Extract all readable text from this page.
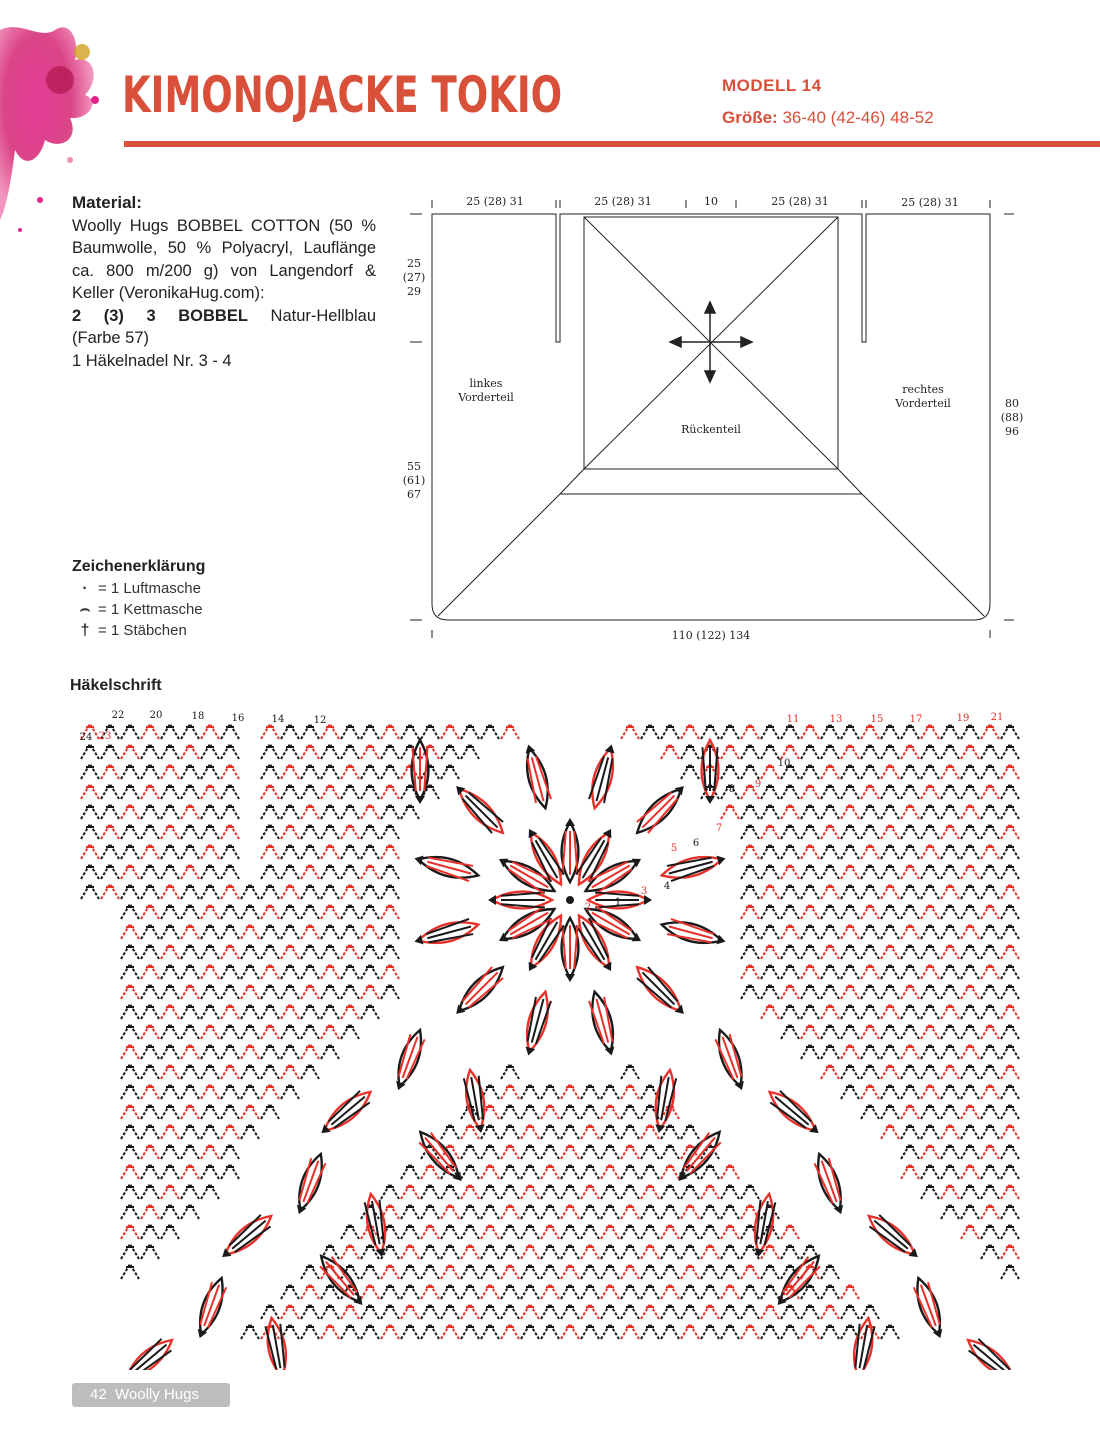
KIMONOJACKE TOKIO	MODELL 14
Größe: 36-40 (42-46) 48-52
Material:
Woolly Hugs BOBBEL COTTON (50 %
Baumwolle, 50 % Polyacryl, Lauflänge
ca. 800 m/200 g) von Langendorf &
Keller (VeronikaHug.com):
2 (3) 3 BOBBEL Natur-Hellblau
(Farbe 57)
1 Häkelnadel Nr. 3 - 4
Zeichenerklärung
· = 1 Luftmasche
⌢ = 1 Kettmasche
† = 1 Stäbchen
25 (28) 31	25 (28) 31	10	25 (28) 31	25 (28) 31
25
(27)
29
55
(61)
67
80
(88)
96
110 (122) 134
linkes
Vorderteil
rechtes
Vorderteil
Rückenteil
Häkelschrift
24 23
22	20	18	16	14	12	11	13	15	17	19 21
10
9
8
7
6
5
4
3
2 1
42 Woolly Hugs
